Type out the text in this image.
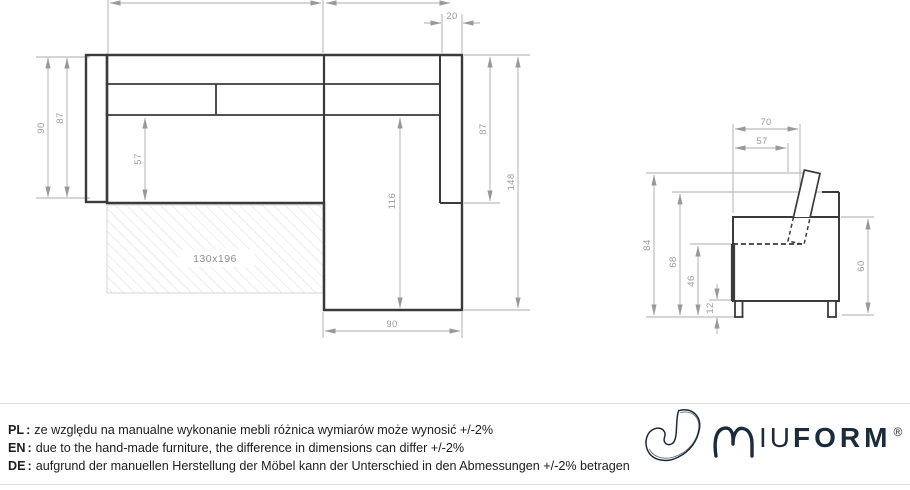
20
90
87
57
87
148
116
90
130x196
70
57
84
68
46
12
60
PL : ze względu na manualne wykonanie mebli różnica wymiarów może wynosić +/-2%
EN : due to the hand-made furniture, the difference in dimensions can differ +/-2%
DE : aufgrund der manuellen Herstellung der Möbel kann der Unterschied in den Abmessungen +/-2% betragen
IU FORM ®
